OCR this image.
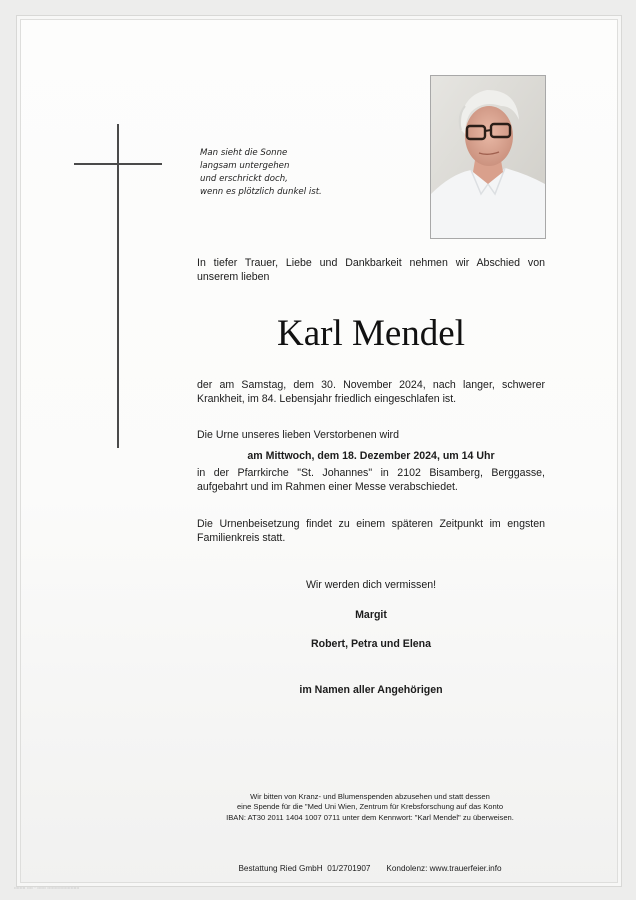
▫▫▫▫ ▫▫ · ▫▫▫ ▫▫▫▫▫▫▫▫▫▫▫
Man sieht die Sonne
langsam untergehen
und erschrickt doch,
wenn es plötzlich dunkel ist.
In tiefer Trauer, Liebe und Dankbarkeit nehmen wir Abschied von unserem lieben
Karl Mendel
der am Samstag, dem 30. November 2024, nach langer, schwerer Krankheit, im 84. Lebensjahr friedlich eingeschlafen ist.
Die Urne unseres lieben Verstorbenen wird
am Mittwoch, dem 18. Dezember 2024, um 14 Uhr
in der Pfarrkirche "St. Johannes" in 2102 Bisamberg, Berggasse, aufgebahrt und im Rahmen einer Messe verabschiedet.
Die Urnenbeisetzung findet zu einem späteren Zeitpunkt im engsten Familienkreis statt.
Wir werden dich vermissen!
Margit
Robert, Petra und Elena
im Namen aller Angehörigen
Wir bitten von Kranz- und Blumenspenden abzusehen und statt dessen
eine Spende für die "Med Uni Wien, Zentrum für Krebsforschung auf das Konto
IBAN: AT30 2011 1404 1007 0711 unter dem Kennwort: "Karl Mendel" zu überweisen.
Bestattung Ried GmbH  01/2701907 Kondolenz: www.trauerfeier.info
